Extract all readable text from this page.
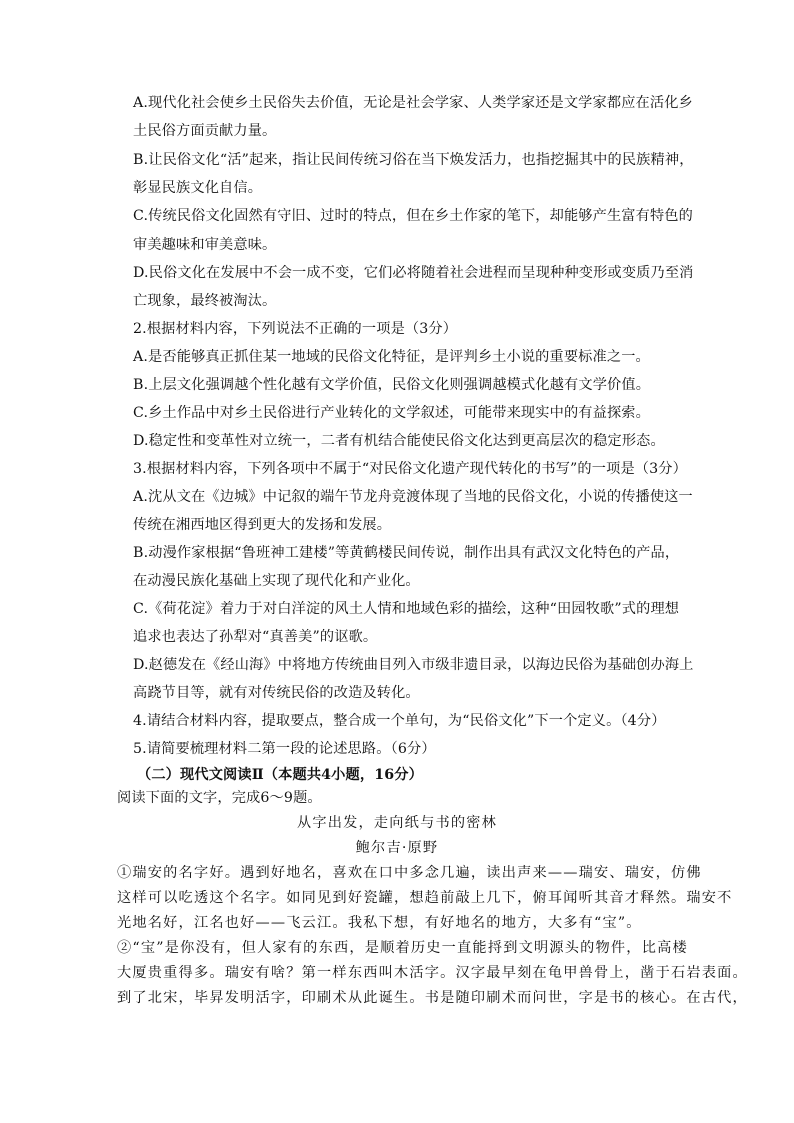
A.现代化社会使乡土民俗失去价值，无论是社会学家、人类学家还是文学家都应在活化乡
土民俗方面贡献力量。
B.让民俗文化“活”起来，指让民间传统习俗在当下焕发活力，也指挖掘其中的民族精神，
彰显民族文化自信。
C.传统民俗文化固然有守旧、过时的特点，但在乡土作家的笔下，却能够产生富有特色的
审美趣味和审美意味。
D.民俗文化在发展中不会一成不变，它们必将随着社会进程而呈现种种变形或变质乃至消
亡现象，最终被淘汰。
2.根据材料内容，下列说法不正确的一项是（3分）
A.是否能够真正抓住某一地域的民俗文化特征，是评判乡土小说的重要标准之一。
B.上层文化强调越个性化越有文学价值，民俗文化则强调越模式化越有文学价值。
C.乡土作品中对乡土民俗进行产业转化的文学叙述，可能带来现实中的有益探索。
D.稳定性和变革性对立统一，二者有机结合能使民俗文化达到更高层次的稳定形态。
3.根据材料内容，下列各项中不属于“对民俗文化遗产现代转化的书写”的一项是（3分）
A.沈从文在《边城》中记叙的端午节龙舟竞渡体现了当地的民俗文化，小说的传播使这一
传统在湘西地区得到更大的发扬和发展。
B.动漫作家根据“鲁班神工建楼”等黄鹤楼民间传说，制作出具有武汉文化特色的产品，
在动漫民族化基础上实现了现代化和产业化。
C.《荷花淀》着力于对白洋淀的风土人情和地域色彩的描绘，这种“田园牧歌”式的理想
追求也表达了孙犁对“真善美”的讴歌。
D.赵德发在《经山海》中将地方传统曲目列入市级非遗目录，以海边民俗为基础创办海上
高跷节目等，就有对传统民俗的改造及转化。
4.请结合材料内容，提取要点，整合成一个单句，为“民俗文化”下一个定义。（4分）
5.请简要梳理材料二第一段的论述思路。（6分）
（二）现代文阅读Ⅱ（本题共4小题，16分）
阅读下面的文字，完成6～9题。
从字出发，走向纸与书的密林
鲍尔吉·原野
①瑞安的名字好。遇到好地名，喜欢在口中多念几遍，读出声来——瑞安、瑞安，仿佛
这样可以吃透这个名字。如同见到好瓷罐，想趋前敲上几下，俯耳闻听其音才释然。瑞安不
光地名好，江名也好——飞云江。我私下想，有好地名的地方，大多有“宝”。
②“宝”是你没有，但人家有的东西，是顺着历史一直能捋到文明源头的物件，比高楼
大厦贵重得多。瑞安有啥？第一样东西叫木活字。汉字最早刻在龟甲兽骨上，凿于石岩表面。
到了北宋，毕昇发明活字，印刷术从此诞生。书是随印刷术而问世，字是书的核心。在古代，
